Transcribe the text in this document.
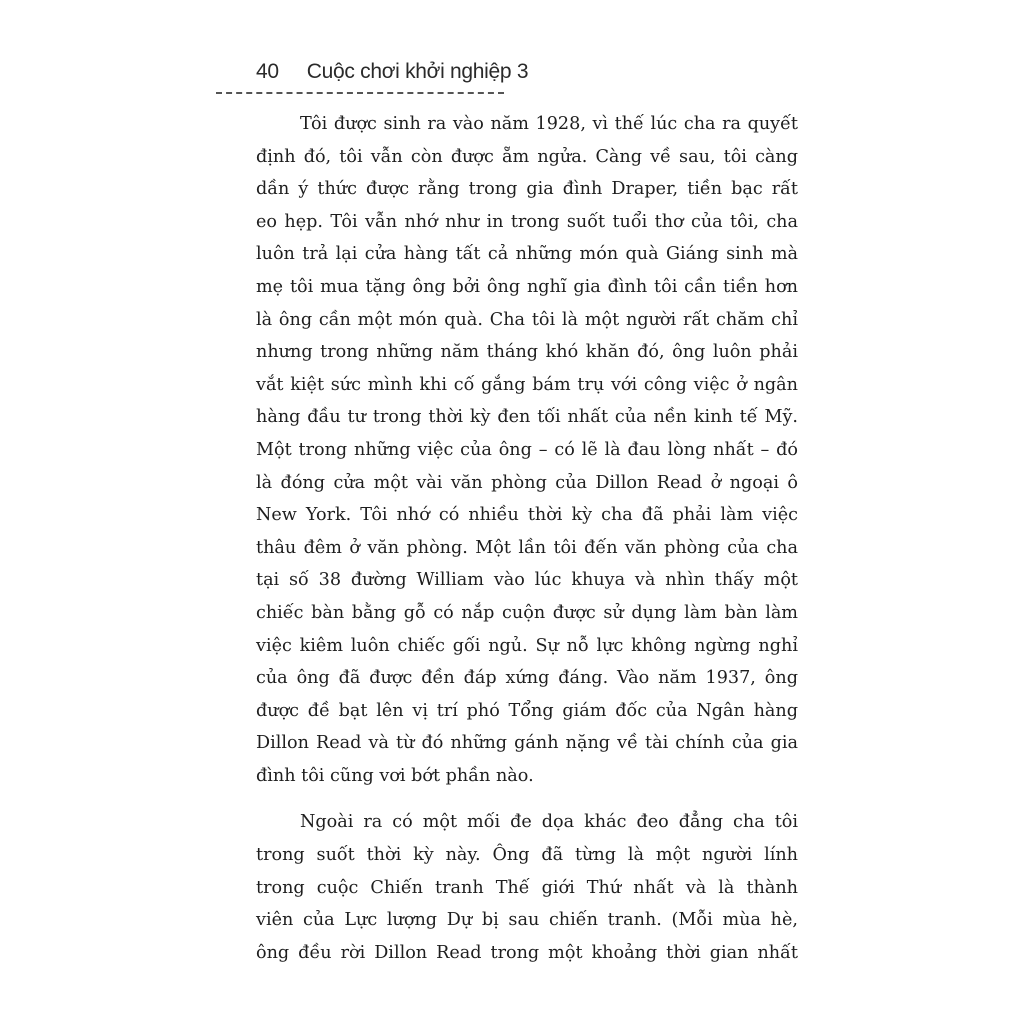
40 Cuộc chơi khởi nghiệp 3

Tôi được sinh ra vào năm 1928, vì thế lúc cha ra quyết
định đó, tôi vẫn còn được ẵm ngửa. Càng về sau, tôi càng
dần ý thức được rằng trong gia đình Draper, tiền bạc rất
eo hẹp. Tôi vẫn nhớ như in trong suốt tuổi thơ của tôi, cha
luôn trả lại cửa hàng tất cả những món quà Giáng sinh mà
mẹ tôi mua tặng ông bởi ông nghĩ gia đình tôi cần tiền hơn
là ông cần một món quà. Cha tôi là một người rất chăm chỉ
nhưng trong những năm tháng khó khăn đó, ông luôn phải
vắt kiệt sức mình khi cố gắng bám trụ với công việc ở ngân
hàng đầu tư trong thời kỳ đen tối nhất của nền kinh tế Mỹ.
Một trong những việc của ông – có lẽ là đau lòng nhất – đó
là đóng cửa một vài văn phòng của Dillon Read ở ngoại ô
New York. Tôi nhớ có nhiều thời kỳ cha đã phải làm việc
thâu đêm ở văn phòng. Một lần tôi đến văn phòng của cha
tại số 38 đường William vào lúc khuya và nhìn thấy một
chiếc bàn bằng gỗ có nắp cuộn được sử dụng làm bàn làm
việc kiêm luôn chiếc gối ngủ. Sự nỗ lực không ngừng nghỉ
của ông đã được đền đáp xứng đáng. Vào năm 1937, ông
được đề bạt lên vị trí phó Tổng giám đốc của Ngân hàng
Dillon Read và từ đó những gánh nặng về tài chính của gia
đình tôi cũng vơi bớt phần nào.

Ngoài ra có một mối đe dọa khác đeo đẳng cha tôi
trong suốt thời kỳ này. Ông đã từng là một người lính
trong cuộc Chiến tranh Thế giới Thứ nhất và là thành
viên của Lực lượng Dự bị sau chiến tranh. (Mỗi mùa hè,
ông đều rời Dillon Read trong một khoảng thời gian nhất
